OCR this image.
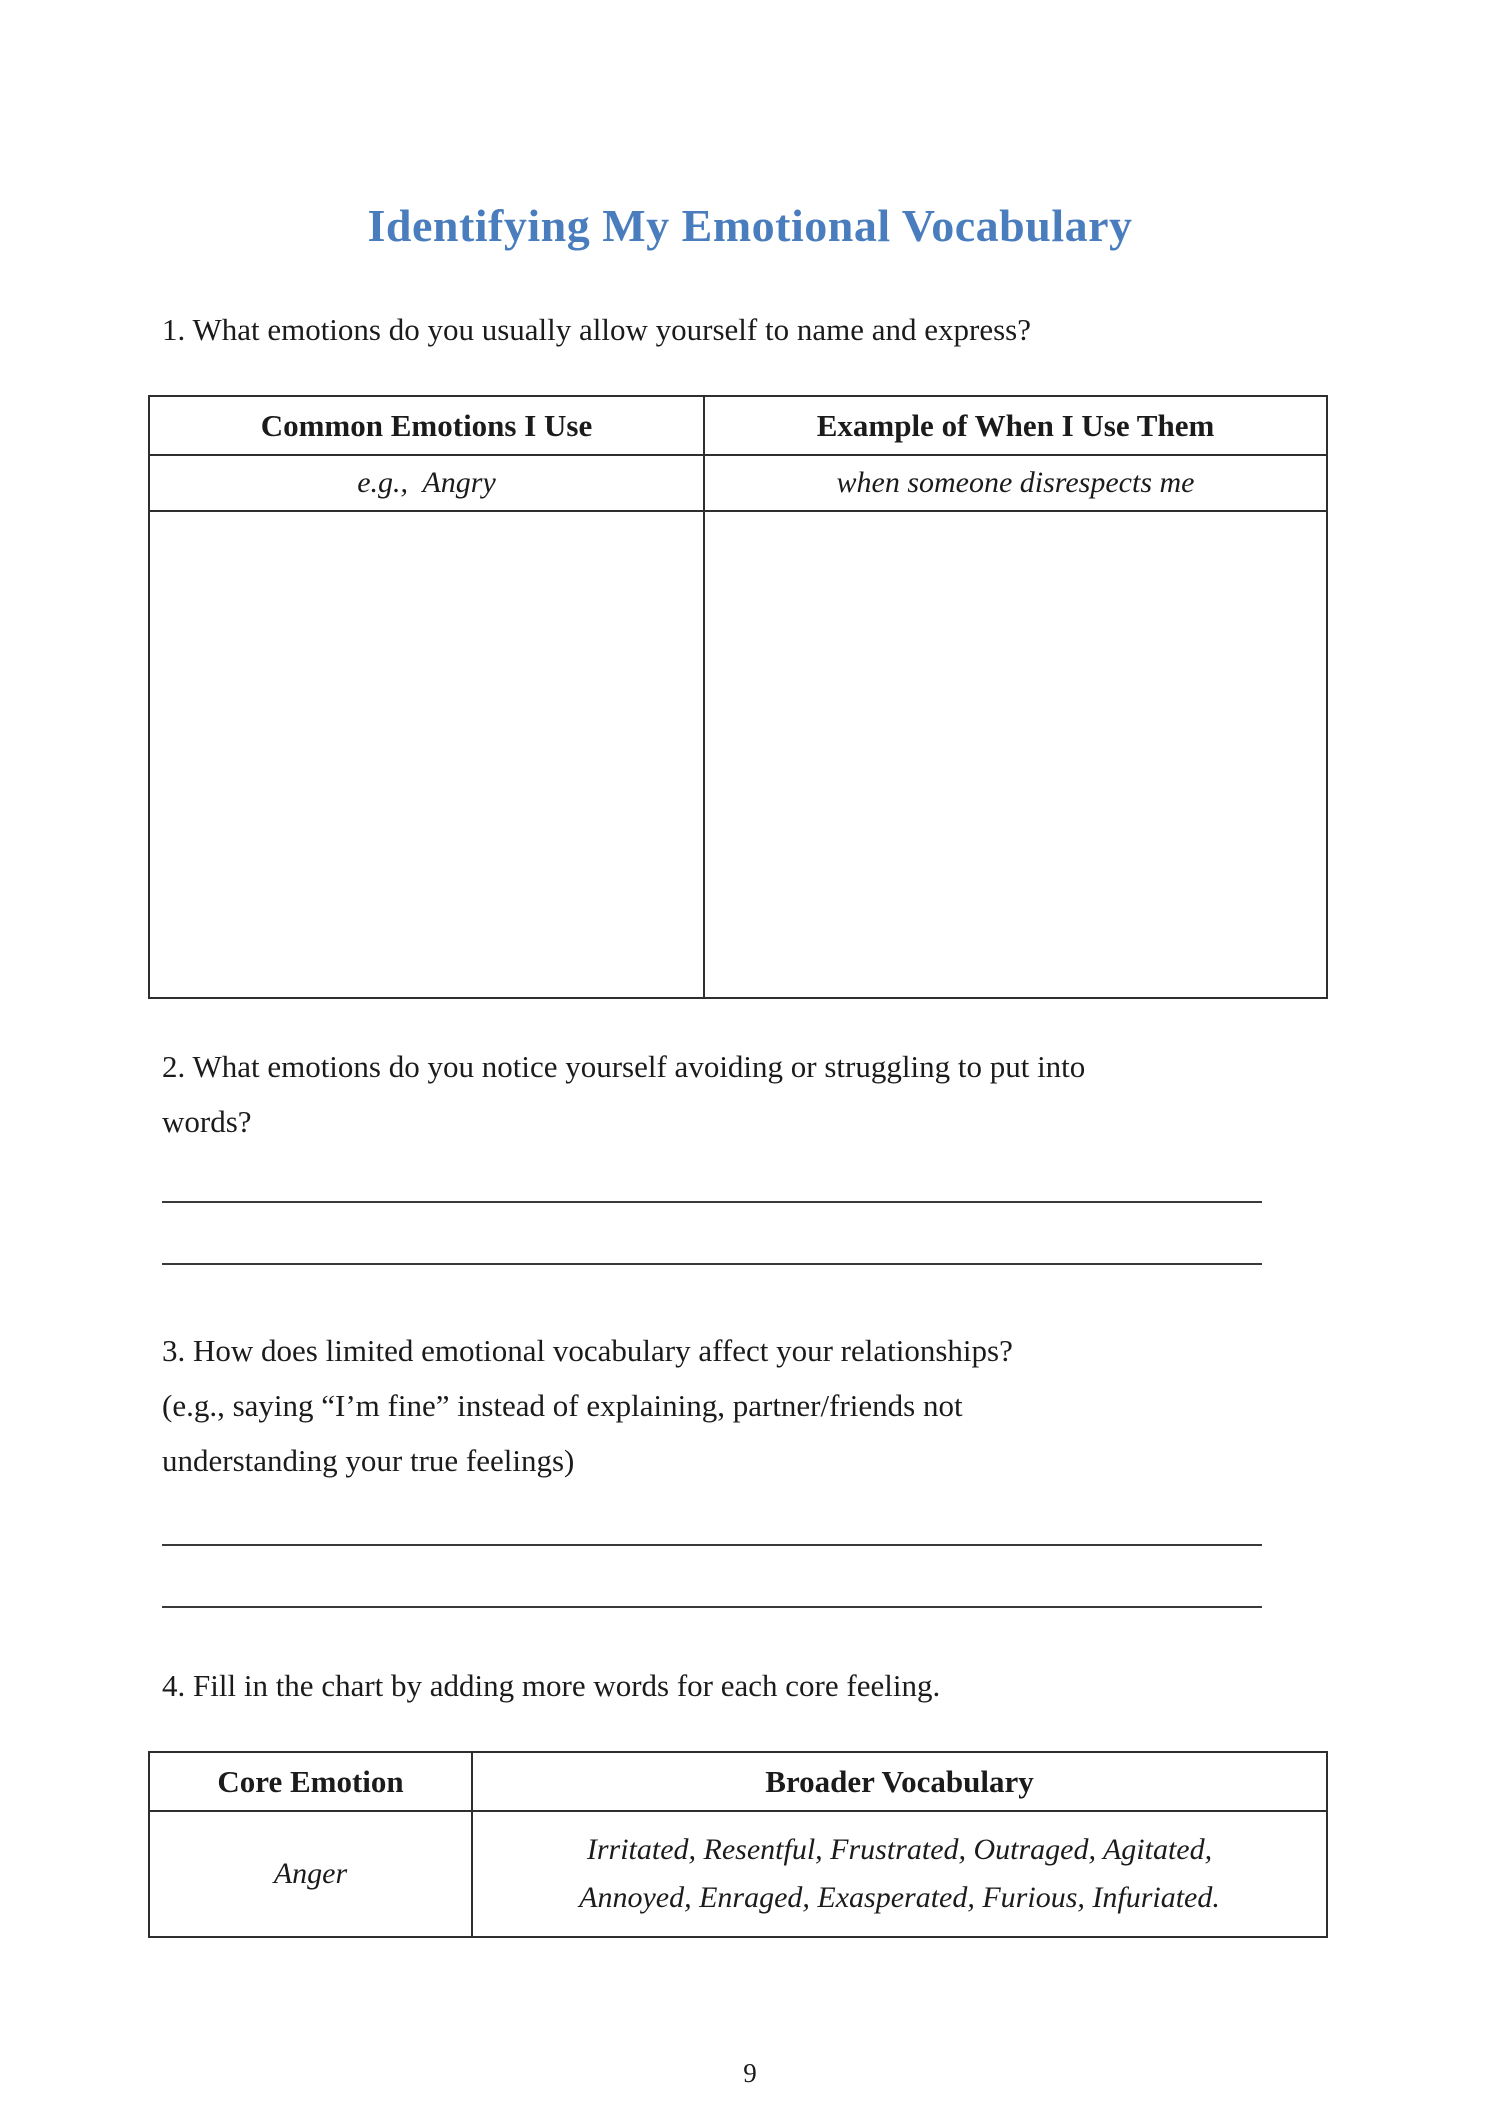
Identifying My Emotional Vocabulary

1. What emotions do you usually allow yourself to name and express?

Common Emotions I Use	Example of When I Use Them
e.g.,  Angry	when someone disrespects me

2. What emotions do you notice yourself avoiding or struggling to put into
words?

3. How does limited emotional vocabulary affect your relationships?
(e.g., saying “I’m fine” instead of explaining, partner/friends not
understanding your true feelings)

4. Fill in the chart by adding more words for each core feeling.

Core Emotion	Broader Vocabulary
Anger	Irritated, Resentful, Frustrated, Outraged, Agitated,
Annoyed, Enraged, Exasperated, Furious, Infuriated.
9
